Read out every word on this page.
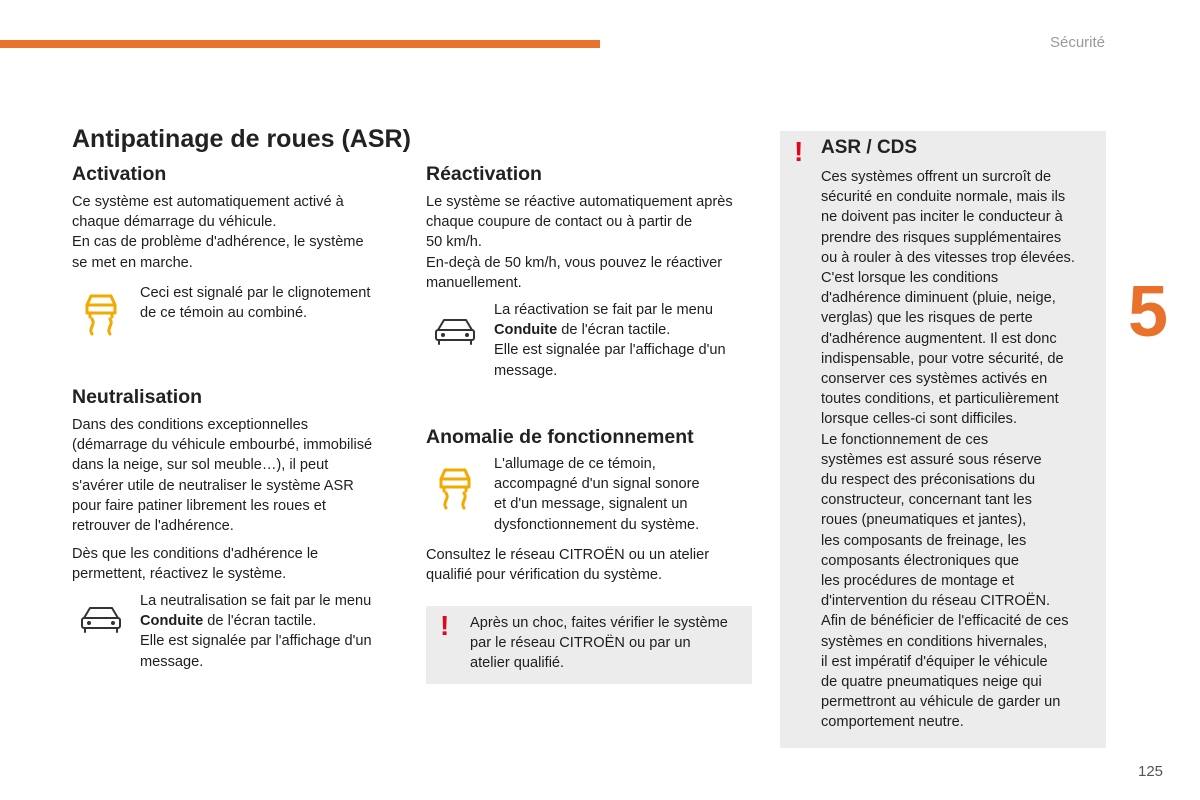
Sécurité
Antipatinage de roues (ASR)
Activation
Ce système est automatiquement activé à
chaque démarrage du véhicule.
En cas de problème d'adhérence, le système
se met en marche.
Ceci est signalé par le clignotement
de ce témoin au combiné.
Neutralisation
Dans des conditions exceptionnelles
(démarrage du véhicule embourbé, immobilisé
dans la neige, sur sol meuble…), il peut
s'avérer utile de neutraliser le système ASR
pour faire patiner librement les roues et
retrouver de l'adhérence.
Dès que les conditions d'adhérence le
permettent, réactivez le système.
La neutralisation se fait par le menu
Conduite de l'écran tactile.
Elle est signalée par l'affichage d'un
message.
Réactivation
Le système se réactive automatiquement après
chaque coupure de contact ou à partir de
50 km/h.
En-deçà de 50 km/h, vous pouvez le réactiver
manuellement.
La réactivation se fait par le menu
Conduite de l'écran tactile.
Elle est signalée par l'affichage d'un
message.
Anomalie de fonctionnement
L'allumage de ce témoin,
accompagné d'un signal sonore
et d'un message, signalent un
dysfonctionnement du système.
Consultez le réseau CITROËN ou un atelier
qualifié pour vérification du système.
! Après un choc, faites vérifier le système
par le réseau CITROËN ou par un
atelier qualifié.
! ASR / CDS
Ces systèmes offrent un surcroît de
sécurité en conduite normale, mais ils
ne doivent pas inciter le conducteur à
prendre des risques supplémentaires
ou à rouler à des vitesses trop élevées.
C'est lorsque les conditions
d'adhérence diminuent (pluie, neige,
verglas) que les risques de perte
d'adhérence augmentent. Il est donc
indispensable, pour votre sécurité, de
conserver ces systèmes activés en
toutes conditions, et particulièrement
lorsque celles-ci sont difficiles.
Le fonctionnement de ces
systèmes est assuré sous réserve
du respect des préconisations du
constructeur, concernant tant les
roues (pneumatiques et jantes),
les composants de freinage, les
composants électroniques que
les procédures de montage et
d'intervention du réseau CITROËN.
Afin de bénéficier de l'efficacité de ces
systèmes en conditions hivernales,
il est impératif d'équiper le véhicule
de quatre pneumatiques neige qui
permettront au véhicule de garder un
comportement neutre.
5
125
